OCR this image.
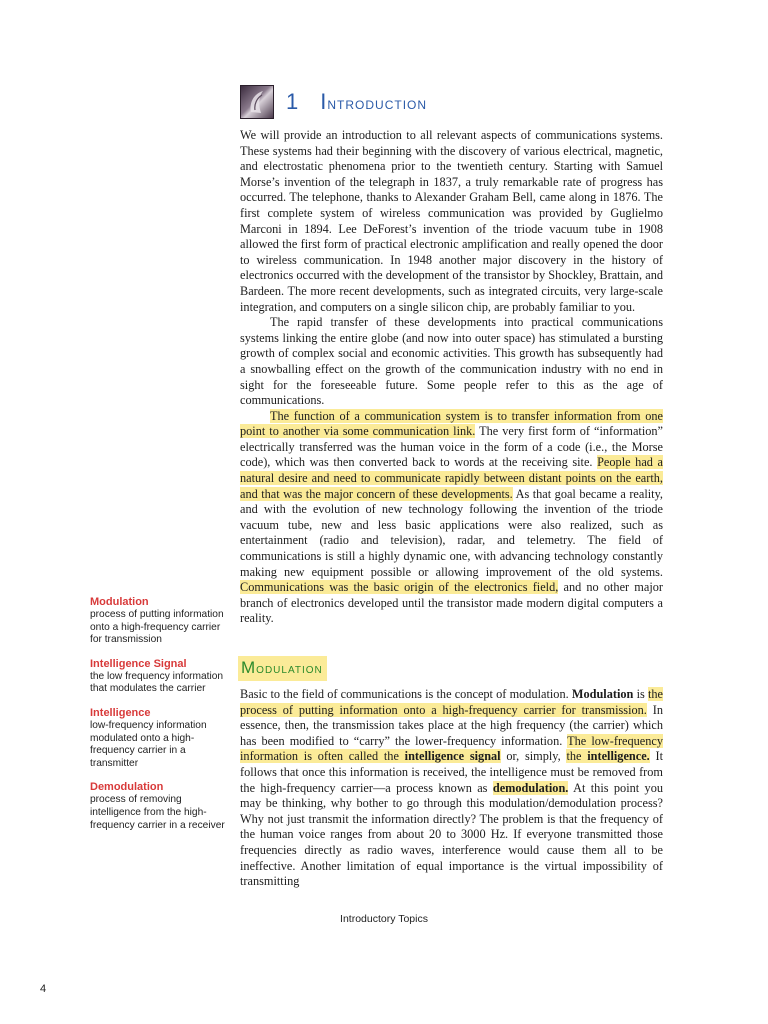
1 Introduction

We will provide an introduction to all relevant aspects of communications systems. These systems had their beginning with the discovery of various electrical, magnetic, and electrostatic phenomena prior to the twentieth century. Starting with Samuel Morse’s invention of the telegraph in 1837, a truly remarkable rate of progress has occurred. The telephone, thanks to Alexander Graham Bell, came along in 1876. The first complete system of wireless communication was provided by Guglielmo Marconi in 1894. Lee DeForest’s invention of the triode vacuum tube in 1908 allowed the first form of practical electronic amplification and really opened the door to wireless communication. In 1948 another major discovery in the history of electronics occurred with the development of the transistor by Shockley, Brattain, and Bardeen. The more recent developments, such as integrated circuits, very large-scale integration, and computers on a single silicon chip, are probably familiar to you.

The rapid transfer of these developments into practical communications systems linking the entire globe (and now into outer space) has stimulated a bursting growth of complex social and economic activities. This growth has subsequently had a snowballing effect on the growth of the communication industry with no end in sight for the foreseeable future. Some people refer to this as the age of communications.

The function of a communication system is to transfer information from one point to another via some communication link. The very first form of “information” electrically transferred was the human voice in the form of a code (i.e., the Morse code), which was then converted back to words at the receiving site. People had a natural desire and need to communicate rapidly between distant points on the earth, and that was the major concern of these developments. As that goal became a reality, and with the evolution of new technology following the invention of the triode vacuum tube, new and less basic applications were also realized, such as entertainment (radio and television), radar, and telemetry. The field of communications is still a highly dynamic one, with advancing technology constantly making new equipment possible or allowing improvement of the old systems. Communications was the basic origin of the electronics field, and no other major branch of electronics developed until the transistor made modern digital computers a reality.

Modulation

Basic to the field of communications is the concept of modulation. Modulation is the process of putting information onto a high-frequency carrier for transmission. In essence, then, the transmission takes place at the high frequency (the carrier) which has been modified to “carry” the lower-frequency information. The low-frequency information is often called the intelligence signal or, simply, the intelligence. It follows that once this information is received, the intelligence must be removed from the high-frequency carrier—a process known as demodulation. At this point you may be thinking, why bother to go through this modulation/demodulation process? Why not just transmit the information directly? The problem is that the frequency of the human voice ranges from about 20 to 3000 Hz. If everyone transmitted those frequencies directly as radio waves, interference would cause them all to be ineffective. Another limitation of equal importance is the virtual impossibility of transmitting

Modulation
process of putting information onto a high-frequency carrier for transmission
Intelligence Signal
the low frequency information that modulates the carrier
Intelligence
low-frequency information modulated onto a high-frequency carrier in a transmitter
Demodulation
process of removing intelligence from the high-frequency carrier in a receiver
Introductory Topics
4
